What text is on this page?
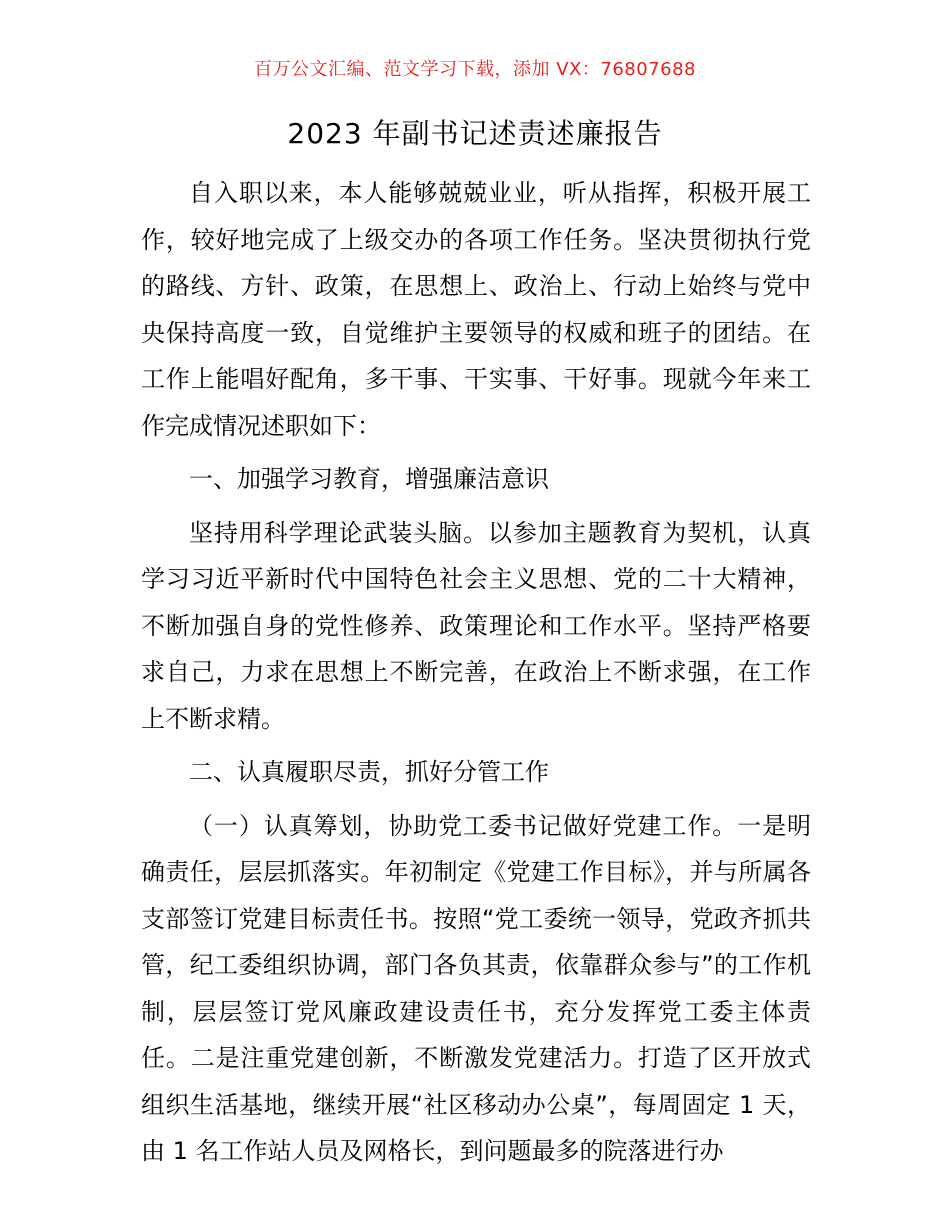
百万公文汇编、范文学习下载，添加 VX：76807688
2023 年副书记述责述廉报告

自入职以来，本人能够兢兢业业，听从指挥，积极开展工作，较好地完成了上级交办的各项工作任务。坚决贯彻执行党的路线、方针、政策，在思想上、政治上、行动上始终与党中央保持高度一致，自觉维护主要领导的权威和班子的团结。在工作上能唱好配角，多干事、干实事、干好事。现就今年来工作完成情况述职如下：

一、加强学习教育，增强廉洁意识

坚持用科学理论武装头脑。以参加主题教育为契机，认真学习习近平新时代中国特色社会主义思想、党的二十大精神，不断加强自身的党性修养、政策理论和工作水平。坚持严格要求自己，力求在思想上不断完善，在政治上不断求强，在工作上不断求精。

二、认真履职尽责，抓好分管工作

（一）认真筹划，协助党工委书记做好党建工作。一是明确责任，层层抓落实。年初制定《党建工作目标》，并与所属各支部签订党建目标责任书。按照“党工委统一领导，党政齐抓共管，纪工委组织协调，部门各负其责，依靠群众参与”的工作机制，层层签订党风廉政建设责任书，充分发挥党工委主体责任。二是注重党建创新，不断激发党建活力。打造了区开放式组织生活基地，继续开展“社区移动办公桌”，每周固定 1 天，由 1 名工作站人员及网格长，到问题最多的院落进行办
